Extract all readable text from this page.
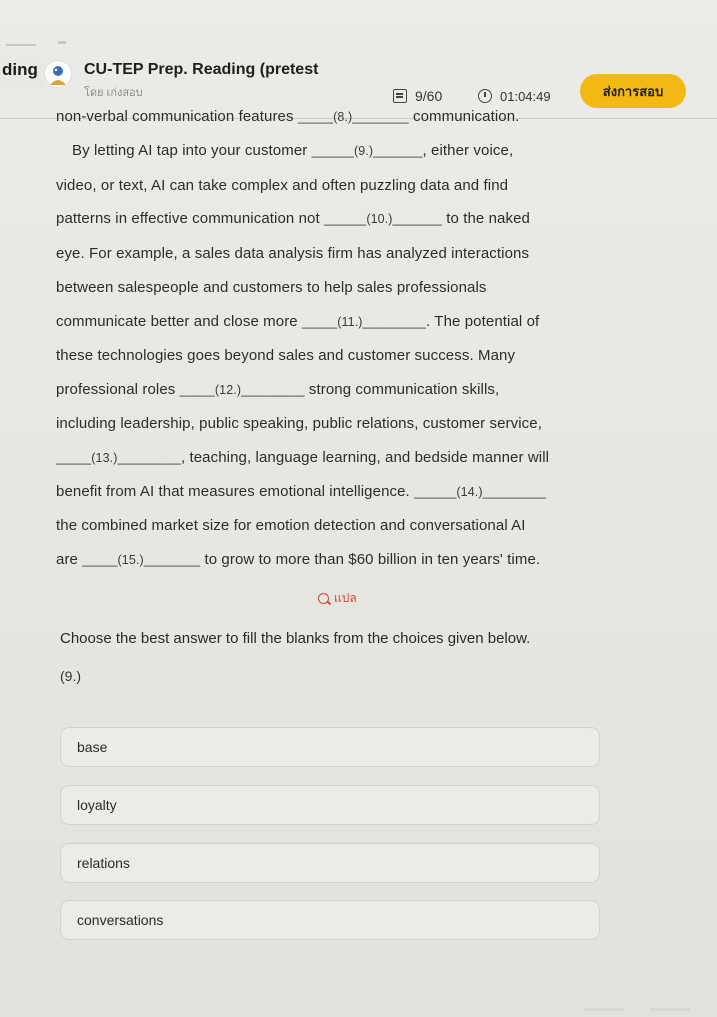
ding	CU-TEP Prep. Reading (pretest
โดย เก่งสอบ	9/60	01:04:49	ส่งการสอบ
non-verbal communication features _____(8.)________ communication.
By letting AI tap into your customer ______(9.)_______, either voice,
video, or text, AI can take complex and often puzzling data and find
patterns in effective communication not ______(10.)_______ to the naked
eye. For example, a sales data analysis firm has analyzed interactions
between salespeople and customers to help sales professionals
communicate better and close more _____(11.)_________. The potential of
these technologies goes beyond sales and customer success. Many
professional roles _____(12.)_________ strong communication skills,
including leadership, public speaking, public relations, customer service,
_____(13.)_________, teaching, language learning, and bedside manner will
benefit from AI that measures emotional intelligence. ______(14.)_________
the combined market size for emotion detection and conversational AI
are _____(15.)________ to grow to more than $60 billion in ten years' time.
แปล
Choose the best answer to fill the blanks from the choices given below.
(9.)
base
loyalty
relations
conversations
